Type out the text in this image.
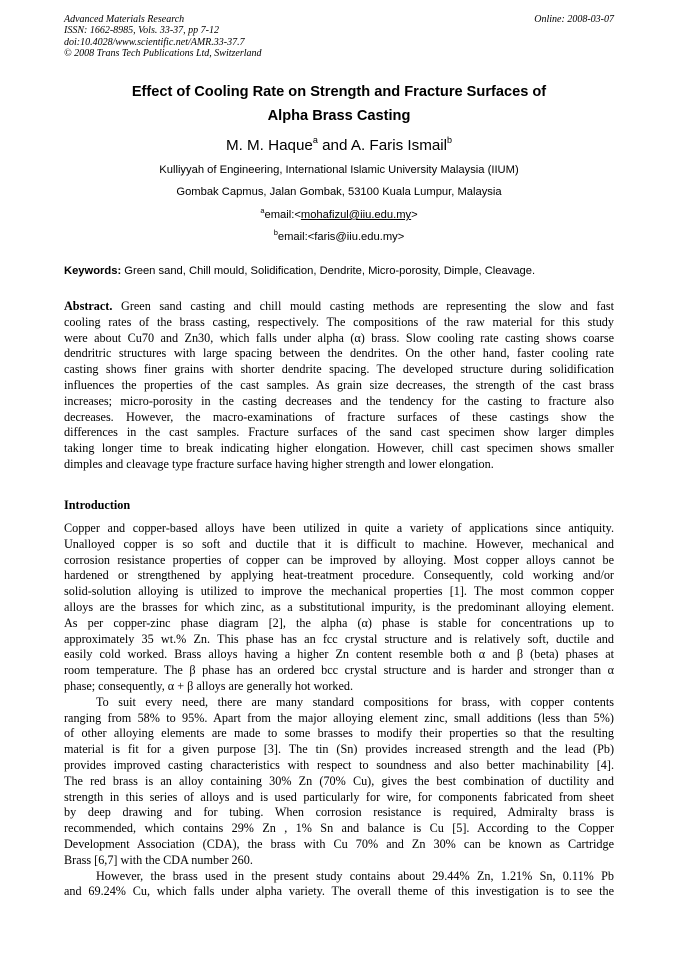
Advanced Materials Research
ISSN: 1662-8985, Vols. 33-37, pp 7-12
doi:10.4028/www.scientific.net/AMR.33-37.7
© 2008 Trans Tech Publications Ltd, Switzerland
Online: 2008-03-07
Effect of Cooling Rate on Strength and Fracture Surfaces of
Alpha Brass Casting
M. M. Haque$^a$ and A. Faris Ismail$^b$
Kulliyyah of Engineering, International Islamic University Malaysia (IIUM)
Gombak Capmus, Jalan Gombak, 53100 Kuala Lumpur, Malaysia
$^a$email:<mohafizul@iiu.edu.my>
$^b$email:<faris@iiu.edu.my>
Keywords: Green sand, Chill mould, Solidification, Dendrite, Micro-porosity, Dimple, Cleavage.
Abstract. Green sand casting and chill mould casting methods are representing the slow and fast
cooling rates of the brass casting, respectively. The compositions of the raw material for this study
were about Cu70 and Zn30, which falls under alpha (α) brass. Slow cooling rate casting shows coarse
dendritric structures with large spacing between the dendrites. On the other hand, faster cooling rate
casting shows finer grains with shorter dendrite spacing. The developed structure during solidification
influences the properties of the cast samples. As grain size decreases, the strength of the cast brass
increases; micro-porosity in the casting decreases and the tendency for the casting to fracture also
decreases. However, the macro-examinations of fracture surfaces of these castings show the
differences in the cast samples. Fracture surfaces of the sand cast specimen show larger dimples
taking longer time to break indicating higher elongation. However, chill cast specimen shows smaller
dimples and cleavage type fracture surface having higher strength and lower elongation.
Introduction
Copper and copper-based alloys have been utilized in quite a variety of applications since antiquity.
Unalloyed copper is so soft and ductile that it is difficult to machine. However, mechanical and
corrosion resistance properties of copper can be improved by alloying. Most copper alloys cannot be
hardened or strengthened by applying heat-treatment procedure. Consequently, cold working and/or
solid-solution alloying is utilized to improve the mechanical properties [1]. The most common copper
alloys are the brasses for which zinc, as a substitutional impurity, is the predominant alloying element.
As per copper-zinc phase diagram [2], the alpha (α) phase is stable for concentrations up to
approximately 35 wt.% Zn. This phase has an fcc crystal structure and is relatively soft, ductile and
easily cold worked. Brass alloys having a higher Zn content resemble both α and β (beta) phases at
room temperature. The β phase has an ordered bcc crystal structure and is harder and stronger than α
phase; consequently, α + β alloys are generally hot worked.
To suit every need, there are many standard compositions for brass, with copper contents
ranging from 58% to 95%. Apart from the major alloying element zinc, small additions (less than 5%)
of other alloying elements are made to some brasses to modify their properties so that the resulting
material is fit for a given purpose [3]. The tin (Sn) provides increased strength and the lead (Pb)
provides improved casting characteristics with respect to soundness and also better machinability [4].
The red brass is an alloy containing 30% Zn (70% Cu), gives the best combination of ductility and
strength in this series of alloys and is used particularly for wire, for components fabricated from sheet
by deep drawing and for tubing. When corrosion resistance is required, Admiralty brass is
recommended, which contains 29% Zn , 1% Sn and balance is Cu [5]. According to the Copper
Development Association (CDA), the brass with Cu 70% and Zn 30% can be known as Cartridge
Brass [6,7] with the CDA number 260.
However, the brass used in the present study contains about 29.44% Zn, 1.21% Sn, 0.11% Pb
and 69.24% Cu, which falls under alpha variety. The overall theme of this investigation is to see the
